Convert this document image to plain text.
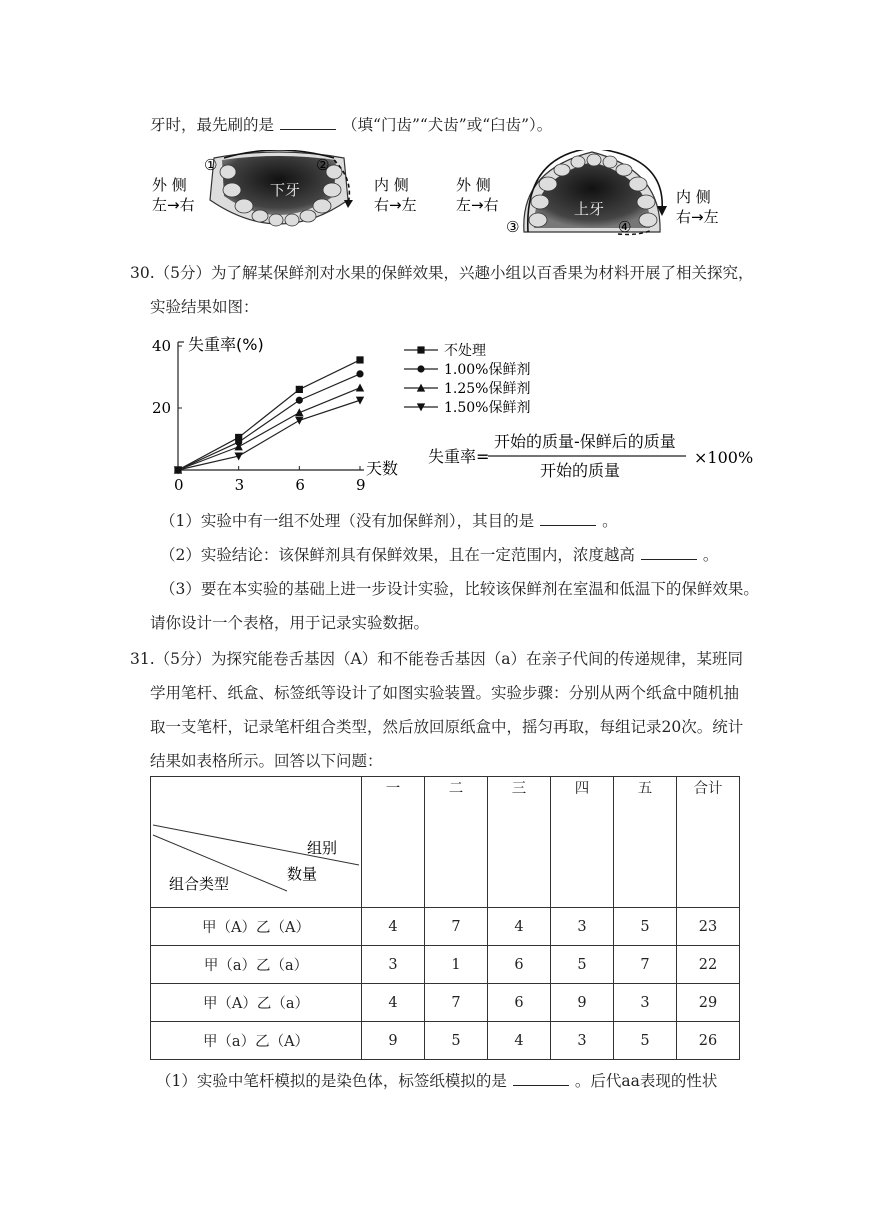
牙时，最先刷的是	（填“门齿”“犬齿”或“臼齿”）。
外 侧
左→右
下牙
①	②
内 侧
右→左
外 侧
左→右	上牙
③	④
内 侧
右→左
30.（5分）为了解某保鲜剂对水果的保鲜效果，兴趣小组以百香果为材料开展了相关探究，
实验结果如图：
失重率(%)
天数
0	3	6	9
20
40	不处理
1.00%保鲜剂
1.25%保鲜剂
1.50%保鲜剂
失重率=
开始的质量-保鲜后的质量
开始的质量
×100%
（1）实验中有一组不处理（没有加保鲜剂），其目的是	。
（2）实验结论：该保鲜剂具有保鲜效果，且在一定范围内，浓度越高	。
（3）要在本实验的基础上进一步设计实验，比较该保鲜剂在室温和低温下的保鲜效果。
请你设计一个表格，用于记录实验数据。
31.（5分）为探究能卷舌基因（A）和不能卷舌基因（a）在亲子代间的传递规律，某班同
学用笔杆、纸盒、标签纸等设计了如图实验装置。实验步骤：分别从两个纸盒中随机抽
取一支笔杆，记录笔杆组合类型，然后放回原纸盒中，摇匀再取，每组记录20次。统计
结果如表格所示。回答以下问题：
组别
数量
组合类型	一	二	三	四	五	合计
甲（A）乙（A）	4	7	4	3	5	23
甲（a）乙（a）	3	1	6	5	7	22
甲（A）乙（a）	4	7	6	9	3	29
甲（a）乙（A）	9	5	4	3	5	26
（1）实验中笔杆模拟的是染色体，标签纸模拟的是	。后代aa表现的性状
